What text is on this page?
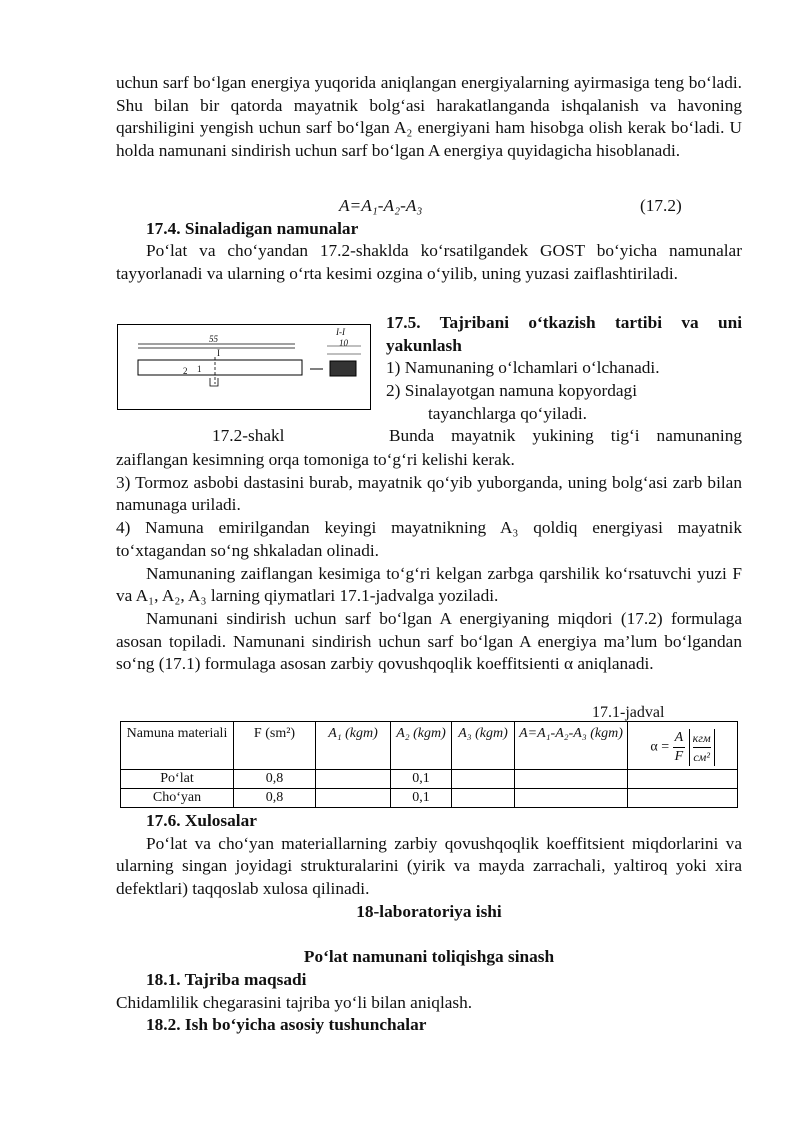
uchun sarf bo‘lgan energiya yuqorida aniqlangan energiyalarning ayirmasiga teng bo‘ladi. Shu bilan bir qatorda mayatnik bolg‘asi harakatlanganda ishqalanish va havoning qarshiligini yengish uchun sarf bo‘lgan A₂ energiyani ham hisobga olish kerak bo‘ladi. U holda namunani sindirish uchun sarf bo‘lgan A energiya quyidagicha hisoblanadi.

A=A₁-A₂-A₃	(17.2)

17.4. Sinaladigan namunalar

Po‘lat va cho‘yandan 17.2-shaklda ko‘rsatilgandek GOST bo‘yicha namunalar tayyorlanadi va ularning o‘rta kesimi ozgina o‘yilib, uning yuzasi zaiflashtiriladi.

55
I
I-I
10
2 1

17.2-shakl

17.5. Tajribani o‘tkazish tartibi va uni

yakunlash

1) Namunaning o‘lchamlari o‘lchanadi.

2) Sinalayotgan namuna kopyordagi

tayanchlarga qo‘yiladi.

Bunda mayatnik yukining tig‘i namunaning

zaiflangan kesimning orqa tomoniga to‘g‘ri kelishi kerak.

3) Tormoz asbobi dastasini burab, mayatnik qo‘yib yuborganda, uning bolg‘asi zarb bilan namunaga uriladi.

4) Namuna emirilgandan keyingi mayatnikning A₃ qoldiq energiyasi mayatnik to‘xtagandan so‘ng shkaladan olinadi.

Namunaning zaiflangan kesimiga to‘g‘ri kelgan zarbga qarshilik ko‘rsatuvchi yuzi F va A₁, A₂, A₃ larning qiymatlari 17.1-jadvalga yoziladi.

Namunani sindirish uchun sarf bo‘lgan A energiyaning miqdori (17.2) formulaga asosan topiladi. Namunani sindirish uchun sarf bo‘lgan A energiya ma’lum bo‘lgandan so‘ng (17.1) formulaga asosan zarbiy qovushqoqlik koeffitsienti α aniqlanadi.

17.1-jadval

Namuna materiali	F (sm²)	A₁ (kgm)	A₂ (kgm)	A₃ (kgm)	A=A₁-A₂-A₃ (kgm)	$\alpha = \frac{A}{F}$
кгм
см²

Po‘lat	0,8		0,1			
Cho‘yan	0,8		0,1			

17.6. Xulosalar

Po‘lat va cho‘yan materiallarning zarbiy qovushqoqlik koeffitsient miqdorlarini va ularning singan joyidagi strukturalarini (yirik va mayda zarrachali, yaltiroq yoki xira defektlari) taqqoslab xulosa qilinadi.

18-laboratoriya ishi

Po‘lat namunani toliqishga sinash

18.1. Tajriba maqsadi

Chidamlilik chegarasini tajriba yo‘li bilan aniqlash.

18.2. Ish bo‘yicha asosiy tushunchalar
